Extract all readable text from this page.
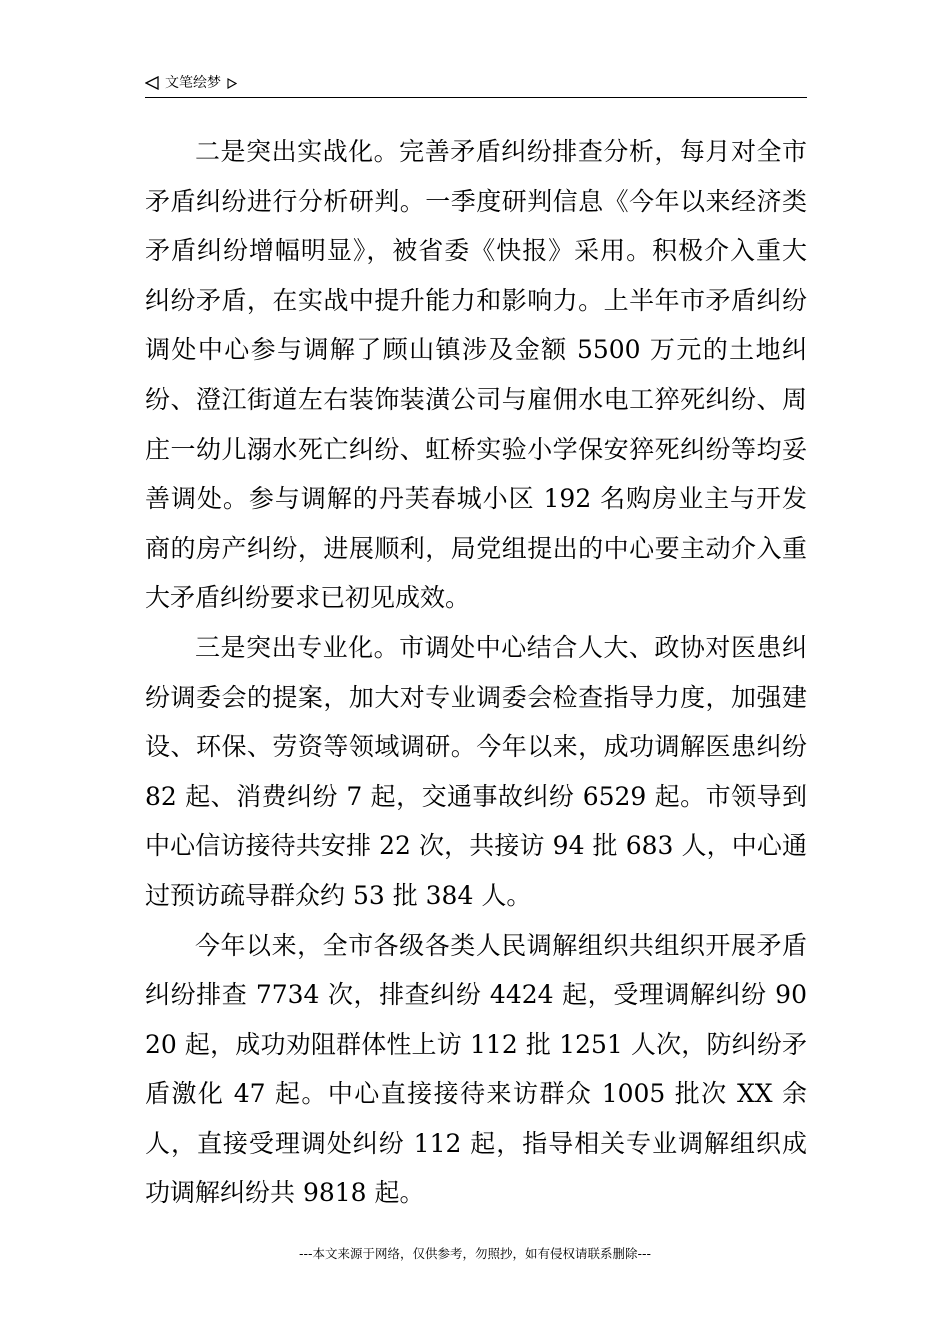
文笔绘梦

二是突出实战化。完善矛盾纠纷排查分析，每月对全市矛盾纠纷进行分析研判。一季度研判信息《今年以来经济类矛盾纠纷增幅明显》，被省委《快报》采用。积极介入重大纠纷矛盾，在实战中提升能力和影响力。上半年市矛盾纠纷调处中心参与调解了顾山镇涉及金额 5500 万元的土地纠纷、澄江街道左右装饰装潢公司与雇佣水电工猝死纠纷、周庄一幼儿溺水死亡纠纷、虹桥实验小学保安猝死纠纷等均妥善调处。参与调解的丹芙春城小区 192 名购房业主与开发商的房产纠纷，进展顺利，局党组提出的中心要主动介入重大矛盾纠纷要求已初见成效。

三是突出专业化。市调处中心结合人大、政协对医患纠纷调委会的提案，加大对专业调委会检查指导力度，加强建设、环保、劳资等领域调研。今年以来，成功调解医患纠纷 82 起、消费纠纷 7 起，交通事故纠纷 6529 起。市领导到中心信访接待共安排 22 次，共接访 94 批 683 人，中心通过预访疏导群众约 53 批 384 人。

今年以来，全市各级各类人民调解组织共组织开展矛盾纠纷排查 7734 次，排查纠纷 4424 起，受理调解纠纷 9020 起，成功劝阻群体性上访 112 批 1251 人次，防纠纷矛盾激化 47 起。中心直接接待来访群众 1005 批次 XX 余人，直接受理调处纠纷 112 起，指导相关专业调解组织成功调解纠纷共 9818 起。

---本文来源于网络，仅供参考，勿照抄，如有侵权请联系删除---
